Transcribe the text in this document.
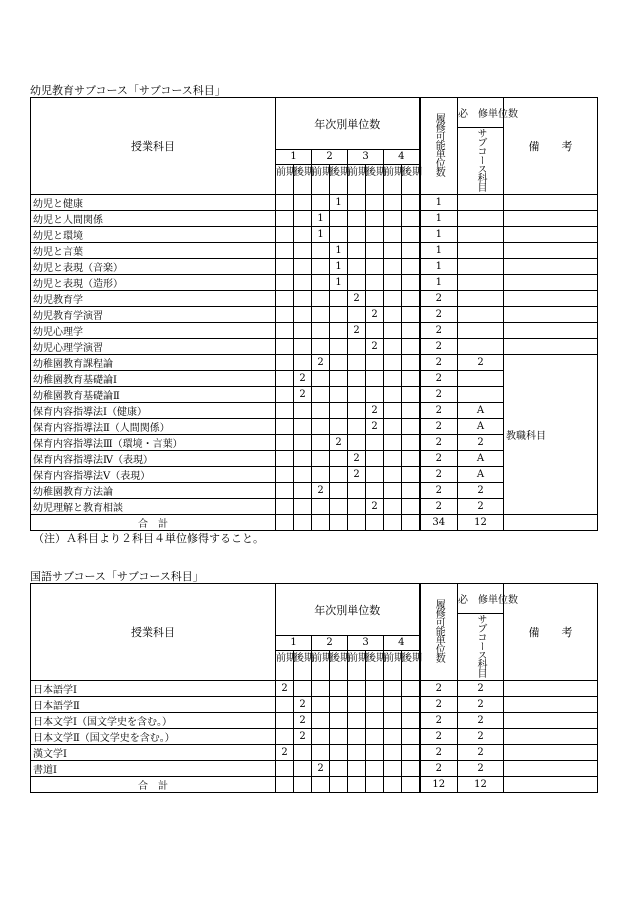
幼児教育サブコース「サブコース科目」
授業科目	年次別単位数	履修可能単位数	必　修単位数	備　　考
サブコース科目
1	2	3	4
前期	後期	前期	後期	前期	後期	前期	後期
幼児と健康				1					1		
幼児と人間関係			1						1		
幼児と環境			1						1		
幼児と言葉				1					1		
幼児と表現（音楽）				1					1		
幼児と表現（造形）				1					1		
幼児教育学					2				2		
幼児教育学演習						2			2		
幼児心理学					2				2		
幼児心理学演習						2			2		
幼稚園教育課程論			2						2	2	教職科目
幼稚園教育基礎論Ⅰ		2							2	
幼稚園教育基礎論Ⅱ		2							2	
保育内容指導法Ⅰ（健康）						2			2	A
保育内容指導法Ⅱ（人間関係）						2			2	A
保育内容指導法Ⅲ（環境・言葉）				2					2	2
保育内容指導法Ⅳ（表現）					2				2	A
保育内容指導法Ⅴ（表現）					2				2	A
幼稚園教育方法論			2						2	2
幼児理解と教育相談						2			2	2
合　計									34	12	
（注）Ａ科目より２科目４単位修得すること。
国語サブコース「サブコース科目」
授業科目	年次別単位数	履修可能単位数	必　修単位数	備　　考
サブコース科目
1	2	3	4
前期	後期	前期	後期	前期	後期	前期	後期
日本語学Ⅰ	2								2	2	
日本語学Ⅱ		2							2	2	
日本文学Ⅰ（国文学史を含む。）		2							2	2	
日本文学Ⅱ（国文学史を含む。）		2							2	2	
漢文学Ⅰ	2								2	2	
書道Ⅰ			2						2	2	
合　計									12	12	
